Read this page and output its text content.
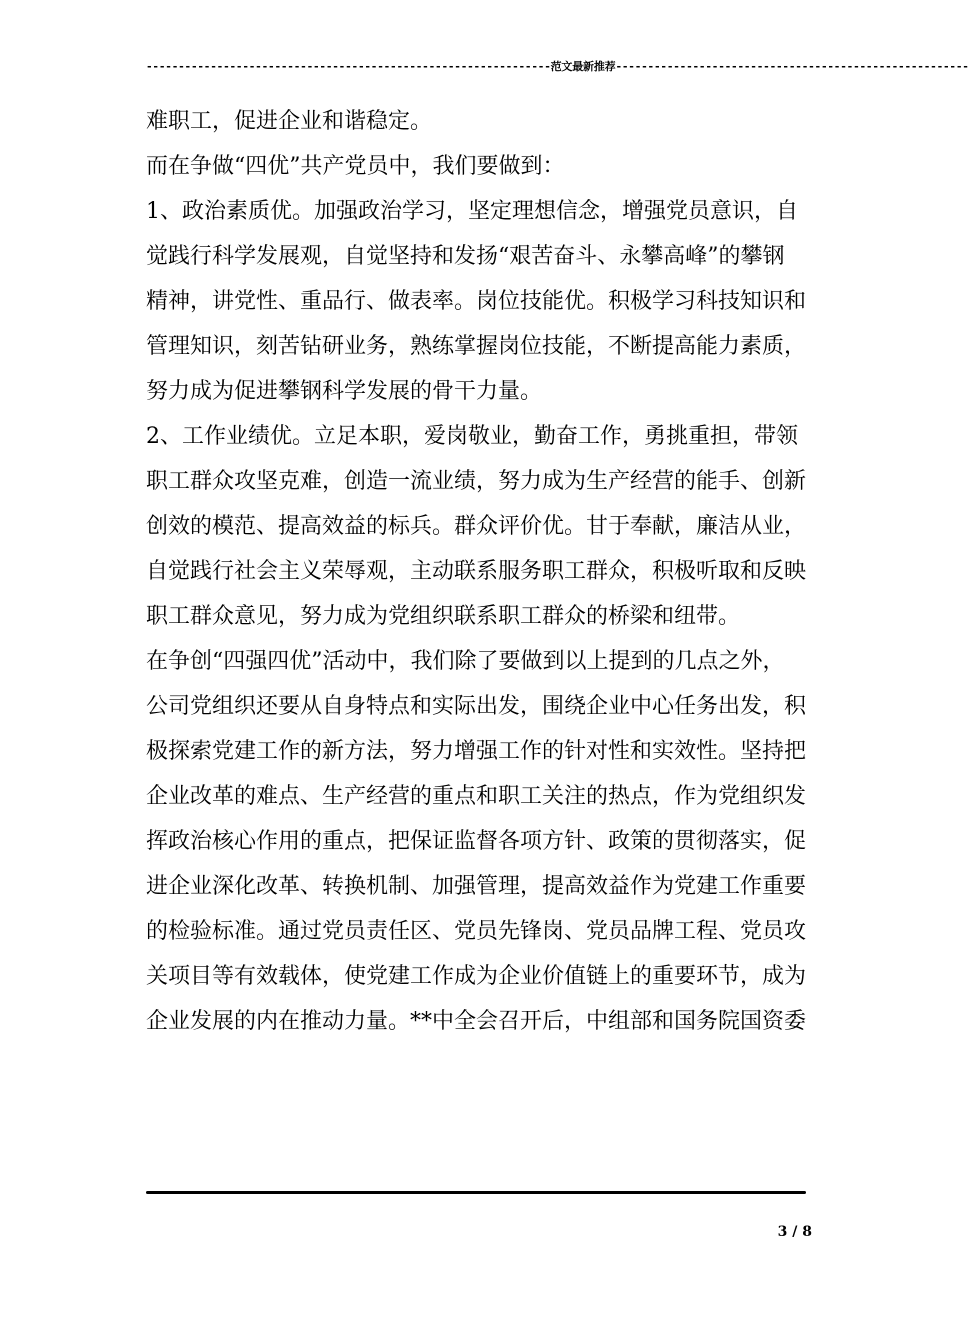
---------------------------------------------------------------范文最新推荐-------------------------------------------------------
难职工，促进企业和谐稳定。
而在争做“四优”共产党员中，我们要做到：
1、政治素质优。加强政治学习，坚定理想信念，增强党员意识，自
觉践行科学发展观，自觉坚持和发扬“艰苦奋斗、永攀高峰”的攀钢
精神，讲党性、重品行、做表率。岗位技能优。积极学习科技知识和
管理知识，刻苦钻研业务，熟练掌握岗位技能，不断提高能力素质，
努力成为促进攀钢科学发展的骨干力量。
2、工作业绩优。立足本职，爱岗敬业，勤奋工作，勇挑重担，带领
职工群众攻坚克难，创造一流业绩，努力成为生产经营的能手、创新
创效的模范、提高效益的标兵。群众评价优。甘于奉献，廉洁从业，
自觉践行社会主义荣辱观，主动联系服务职工群众，积极听取和反映
职工群众意见，努力成为党组织联系职工群众的桥梁和纽带。
在争创“四强四优”活动中，我们除了要做到以上提到的几点之外，
公司党组织还要从自身特点和实际出发，围绕企业中心任务出发，积
极探索党建工作的新方法，努力增强工作的针对性和实效性。坚持把
企业改革的难点、生产经营的重点和职工关注的热点，作为党组织发
挥政治核心作用的重点，把保证监督各项方针、政策的贯彻落实，促
进企业深化改革、转换机制、加强管理，提高效益作为党建工作重要
的检验标准。通过党员责任区、党员先锋岗、党员品牌工程、党员攻
关项目等有效载体，使党建工作成为企业价值链上的重要环节，成为
企业发展的内在推动力量。**中全会召开后，中组部和国务院国资委
3 / 8
